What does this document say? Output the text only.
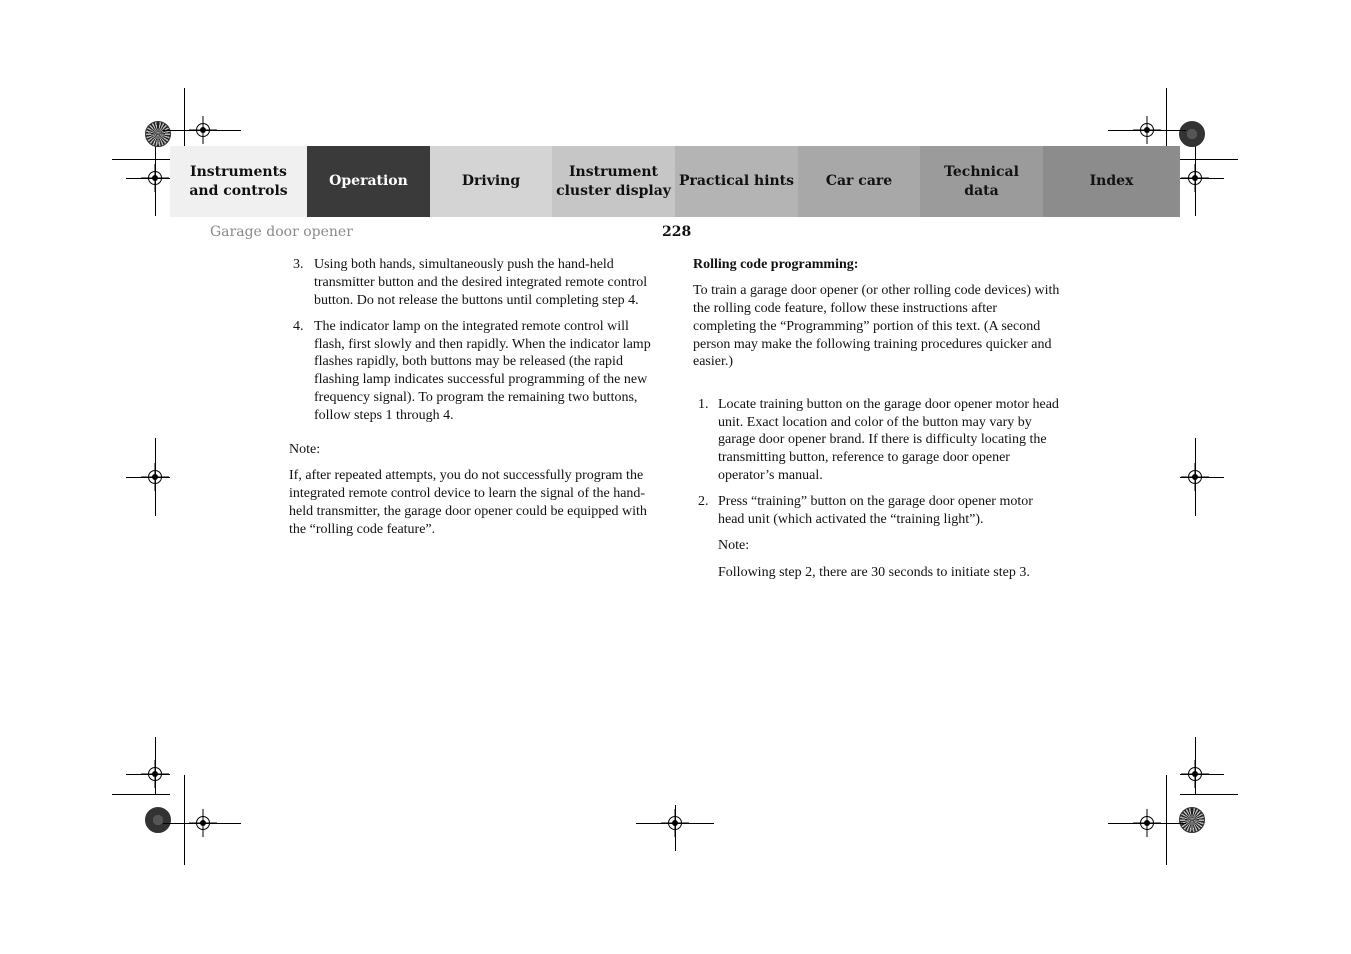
Instruments
and controls
Operation	Driving
Instrument
cluster display
Practical hints Car care
Technical
data
Index
Garage door opener	228
3. Using both hands, simultaneously push the hand-held transmitter button and the desired integrated remote control button. Do not release the buttons until completing step 4.
4. The indicator lamp on the integrated remote control will flash, first slowly and then rapidly. When the indicator lamp flashes rapidly, both buttons may be released (the rapid flashing lamp indicates successful programming of the new frequency signal). To program the remaining two buttons, follow steps 1 through 4.

Note:

If, after repeated attempts, you do not successfully program the integrated remote control device to learn the signal of the hand-held transmitter, the garage door opener could be equipped with the “rolling code feature”.

Rolling code programming:

To train a garage door opener (or other rolling code devices) with the rolling code feature, follow these instructions after completing the “Programming” portion of this text. (A second person may make the following training procedures quicker and easier.)

1. Locate training button on the garage door opener motor head unit. Exact location and color of the button may vary by garage door opener brand. If there is difficulty locating the transmitting button, reference to garage door opener operator’s manual.
2. Press “training” button on the garage door opener motor head unit (which activated the “training light”).

Note:

Following step 2, there are 30 seconds to initiate step 3.
